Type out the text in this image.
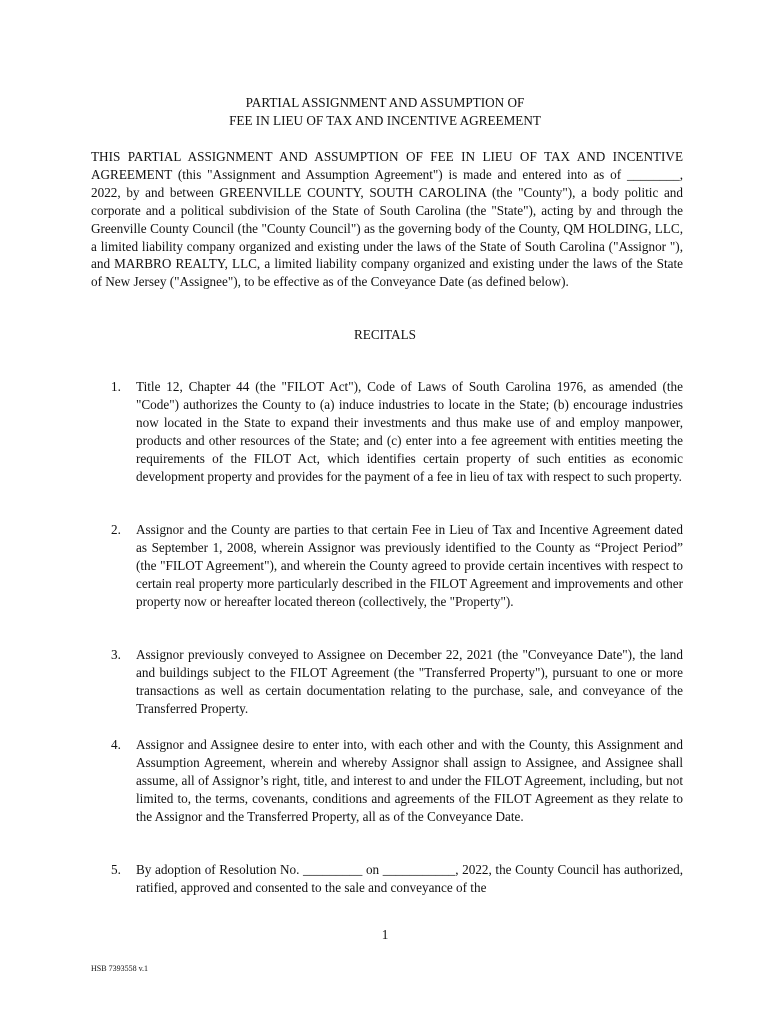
PARTIAL ASSIGNMENT AND ASSUMPTION OF
FEE IN LIEU OF TAX AND INCENTIVE AGREEMENT

THIS PARTIAL ASSIGNMENT AND ASSUMPTION OF FEE IN LIEU OF TAX AND INCENTIVE AGREEMENT (this "Assignment and Assumption Agreement") is made and entered into as of ________, 2022, by and between GREENVILLE COUNTY, SOUTH CAROLINA (the "County"), a body politic and corporate and a political subdivision of the State of South Carolina (the "State"), acting by and through the Greenville County Council (the "County Council") as the governing body of the County, QM HOLDING, LLC, a limited liability company organized and existing under the laws of the State of South Carolina ("Assignor "), and MARBRO REALTY, LLC, a limited liability company organized and existing under the laws of the State of New Jersey ("Assignee"), to be effective as of the Conveyance Date (as defined below).

RECITALS
1. Title 12, Chapter 44 (the "FILOT Act"), Code of Laws of South Carolina 1976, as amended (the "Code") authorizes the County to (a) induce industries to locate in the State; (b) encourage industries now located in the State to expand their investments and thus make use of and employ manpower, products and other resources of the State; and (c) enter into a fee agreement with entities meeting the requirements of the FILOT Act, which identifies certain property of such entities as economic development property and provides for the payment of a fee in lieu of tax with respect to such property.
2. Assignor and the County are parties to that certain Fee in Lieu of Tax and Incentive Agreement dated as September 1, 2008, wherein Assignor was previously identified to the County as “Project Period” (the "FILOT Agreement"), and wherein the County agreed to provide certain incentives with respect to certain real property more particularly described in the FILOT Agreement and improvements and other property now or hereafter located thereon (collectively, the "Property").
3. Assignor previously conveyed to Assignee on December 22, 2021 (the "Conveyance Date"), the land and buildings subject to the FILOT Agreement (the "Transferred Property"), pursuant to one or more transactions as well as certain documentation relating to the purchase, sale, and conveyance of the Transferred Property.
4. Assignor and Assignee desire to enter into, with each other and with the County, this Assignment and Assumption Agreement, wherein and whereby Assignor shall assign to Assignee, and Assignee shall assume, all of Assignor’s right, title, and interest to and under the FILOT Agreement, including, but not limited to, the terms, covenants, conditions and agreements of the FILOT Agreement as they relate to the Assignor and the Transferred Property, all as of the Conveyance Date.
5. By adoption of Resolution No. _________ on ___________, 2022, the County Council has authorized, ratified, approved and consented to the sale and conveyance of the
1
HSB 7393558 v.1
